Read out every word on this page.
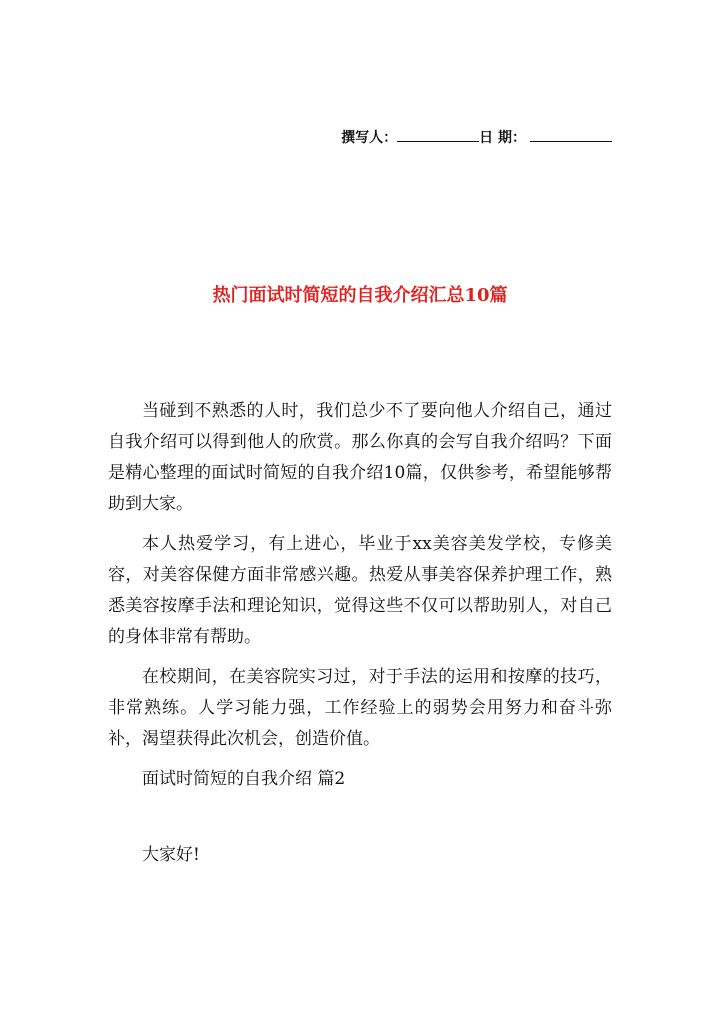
撰写人：	日 期：
热门面试时简短的自我介绍汇总10篇

当碰到不熟悉的人时，我们总少不了要向他人介绍自己，通过自我介绍可以得到他人的欣赏。那么你真的会写自我介绍吗？下面是精心整理的面试时简短的自我介绍10篇，仅供参考，希望能够帮助到大家。

本人热爱学习，有上进心，毕业于xx美容美发学校，专修美容，对美容保健方面非常感兴趣。热爱从事美容保养护理工作，熟悉美容按摩手法和理论知识，觉得这些不仅可以帮助别人，对自己的身体非常有帮助。

在校期间，在美容院实习过，对于手法的运用和按摩的技巧，非常熟练。人学习能力强，工作经验上的弱势会用努力和奋斗弥补，渴望获得此次机会，创造价值。

面试时简短的自我介绍 篇2

大家好!
